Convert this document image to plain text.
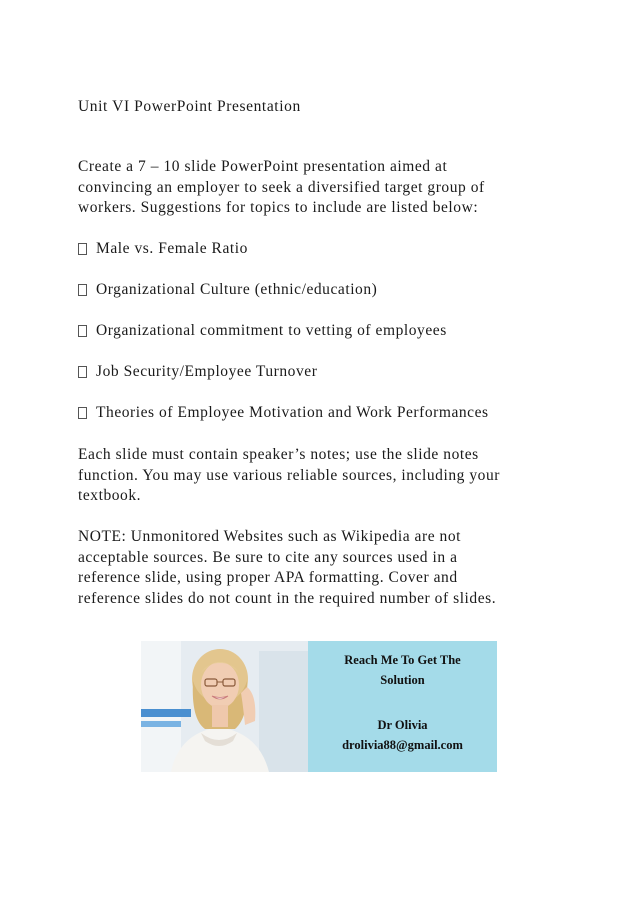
Unit VI PowerPoint Presentation
Create a 7 – 10 slide PowerPoint presentation aimed at
convincing an employer to seek a diversified target group of
workers. Suggestions for topics to include are listed below:
Male vs. Female Ratio
Organizational Culture (ethnic/education)
Organizational commitment to vetting of employees
Job Security/Employee Turnover
Theories of Employee Motivation and Work Performances
Each slide must contain speaker’s notes; use the slide notes
function. You may use various reliable sources, including your
textbook.
NOTE: Unmonitored Websites such as Wikipedia are not
acceptable sources. Be sure to cite any sources used in a
reference slide, using proper APA formatting. Cover and
reference slides do not count in the required number of slides.
Reach Me To Get The
Solution
Dr Olivia
drolivia88@gmail.com
